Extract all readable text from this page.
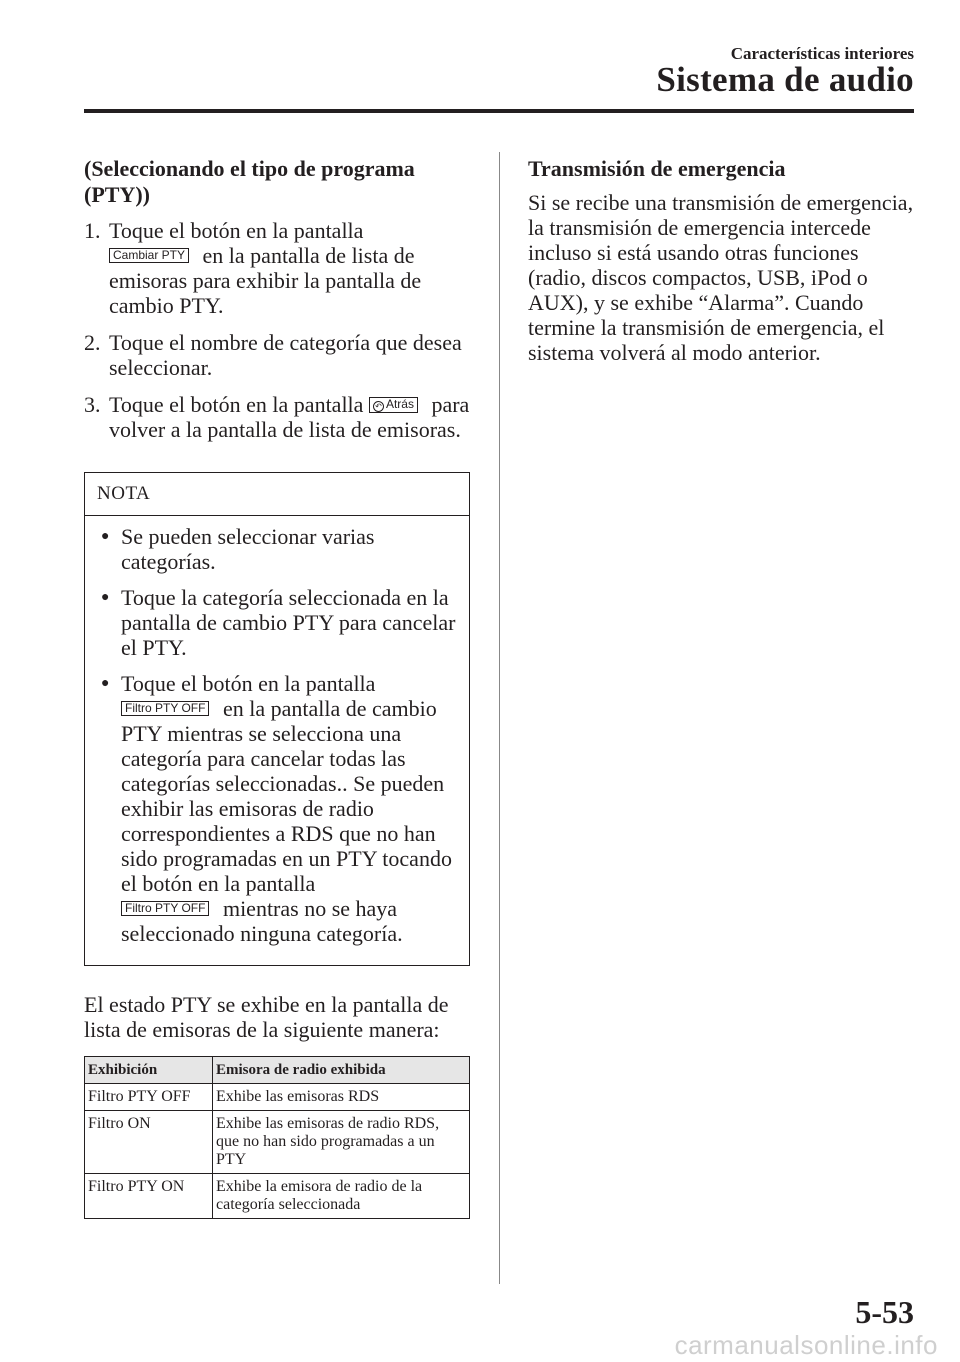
Características interiores
Sistema de audio
(Seleccionando el tipo de programa (PTY))
1. Toque el botón en la pantalla
Cambiar PTY en la pantalla de lista de emisoras para exhibir la pantalla de cambio PTY.
2. Toque el nombre de categoría que desea seleccionar.
3. Toque el botón en la pantalla ↶ Atrás para volver a la pantalla de lista de emisoras.
NOTA
● Se pueden seleccionar varias categorías.
● Toque la categoría seleccionada en la pantalla de cambio PTY para cancelar el PTY.
● Toque el botón en la pantalla
Filtro PTY OFF en la pantalla de cambio PTY mientras se selecciona una categoría para cancelar todas las categorías seleccionadas.. Se pueden exhibir las emisoras de radio correspondientes a RDS que no han sido programadas en un PTY tocando el botón en la pantalla
Filtro PTY OFF mientras no se haya seleccionado ninguna categoría.

El estado PTY se exhibe en la pantalla de lista de emisoras de la siguiente manera:

Exhibición	Emisora de radio exhibida
Filtro PTY OFF	Exhibe las emisoras RDS
Filtro ON	Exhibe las emisoras de radio RDS, que no han sido programadas a un PTY
Filtro PTY ON	Exhibe la emisora de radio de la categoría seleccionada
Transmisión de emergencia

Si se recibe una transmisión de emergencia, la transmisión de emergencia intercede incluso si está usando otras funciones (radio, discos compactos, USB, iPod o AUX), y se exhibe “Alarma”. Cuando termine la transmisión de emergencia, el sistema volverá al modo anterior.

5-53
carmanualsonline.info
